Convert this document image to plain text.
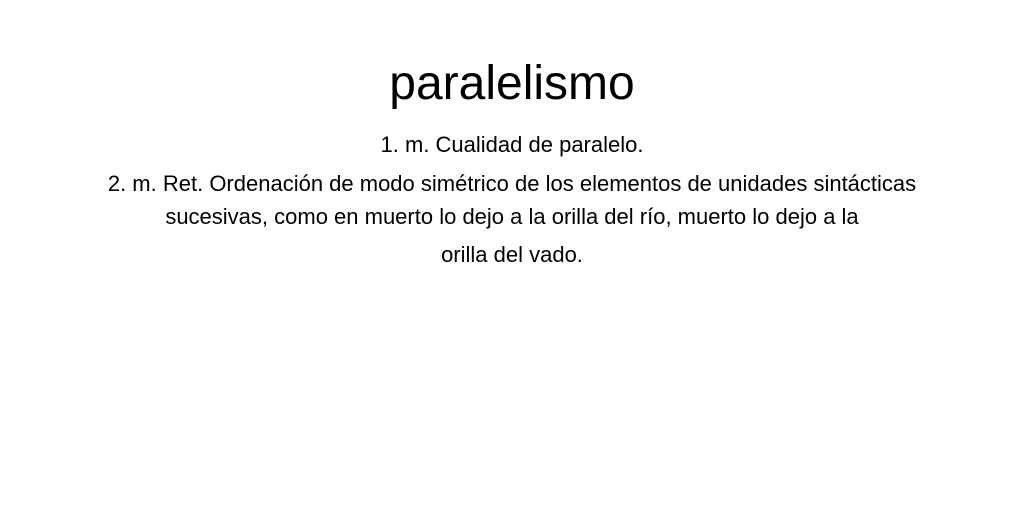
paralelismo

1. m. Cualidad de paralelo.

2. m. Ret. Ordenación de modo simétrico de los elementos de unidades sintácticas

sucesivas, como en muerto lo dejo a la orilla del río, muerto lo dejo a la

orilla del vado.
